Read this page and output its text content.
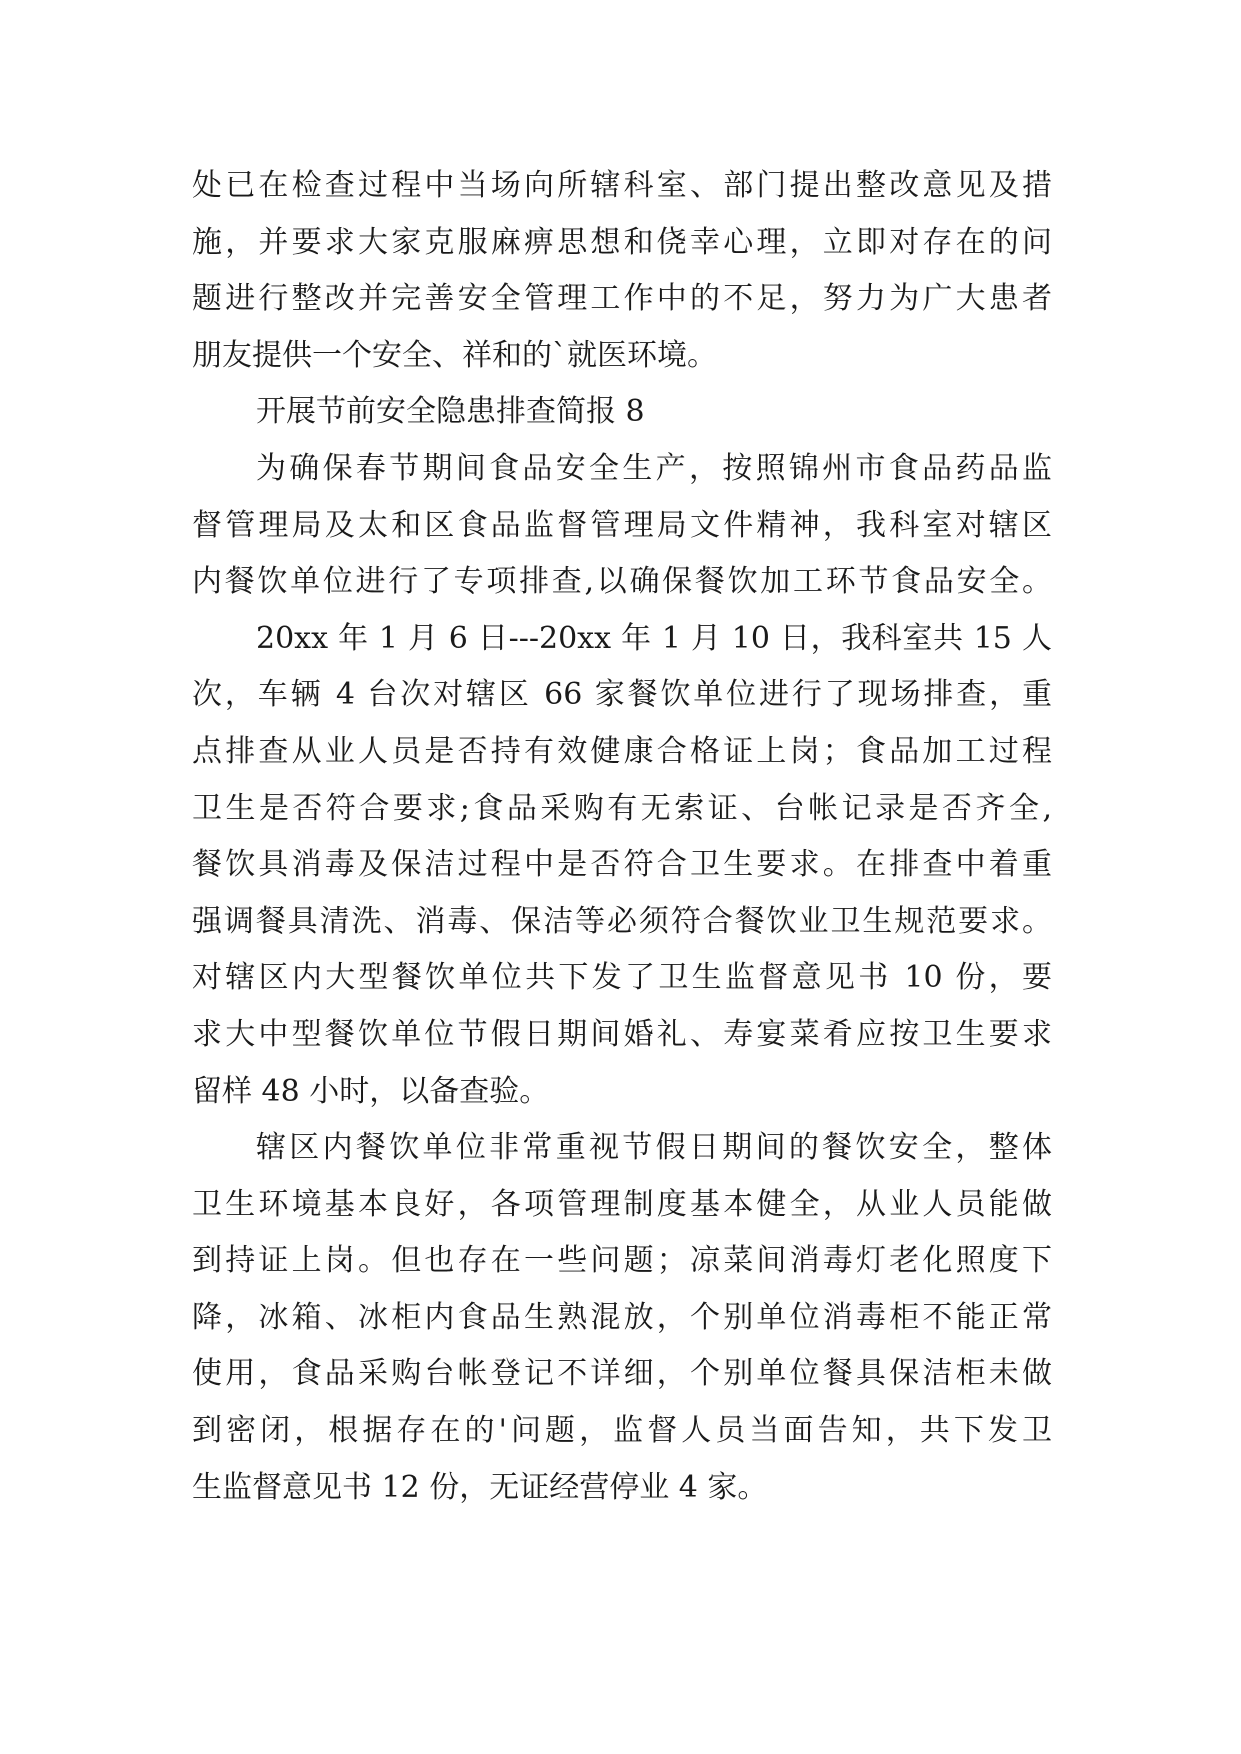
处已在检查过程中当场向所辖科室、部门提出整改意见及措
施，并要求大家克服麻痹思想和侥幸心理，立即对存在的问
题进行整改并完善安全管理工作中的不足，努力为广大患者
朋友提供一个安全、祥和的`就医环境。
开展节前安全隐患排查简报 8
为确保春节期间食品安全生产，按照锦州市食品药品监
督管理局及太和区食品监督管理局文件精神，我科室对辖区
内餐饮单位进行了专项排查,以确保餐饮加工环节食品安全。
20xx 年 1 月 6 日---20xx 年 1 月 10 日，我科室共 15 人
次，车辆 4 台次对辖区 66 家餐饮单位进行了现场排查，重
点排查从业人员是否持有效健康合格证上岗；食品加工过程
卫生是否符合要求;食品采购有无索证、台帐记录是否齐全,
餐饮具消毒及保洁过程中是否符合卫生要求。在排查中着重
强调餐具清洗、消毒、保洁等必须符合餐饮业卫生规范要求。
对辖区内大型餐饮单位共下发了卫生监督意见书 10 份，要
求大中型餐饮单位节假日期间婚礼、寿宴菜肴应按卫生要求
留样 48 小时，以备查验。
辖区内餐饮单位非常重视节假日期间的餐饮安全，整体
卫生环境基本良好，各项管理制度基本健全，从业人员能做
到持证上岗。但也存在一些问题；凉菜间消毒灯老化照度下
降，冰箱、冰柜内食品生熟混放，个别单位消毒柜不能正常
使用，食品采购台帐登记不详细，个别单位餐具保洁柜未做
到密闭，根据存在的'问题，监督人员当面告知，共下发卫
生监督意见书 12 份，无证经营停业 4 家。
